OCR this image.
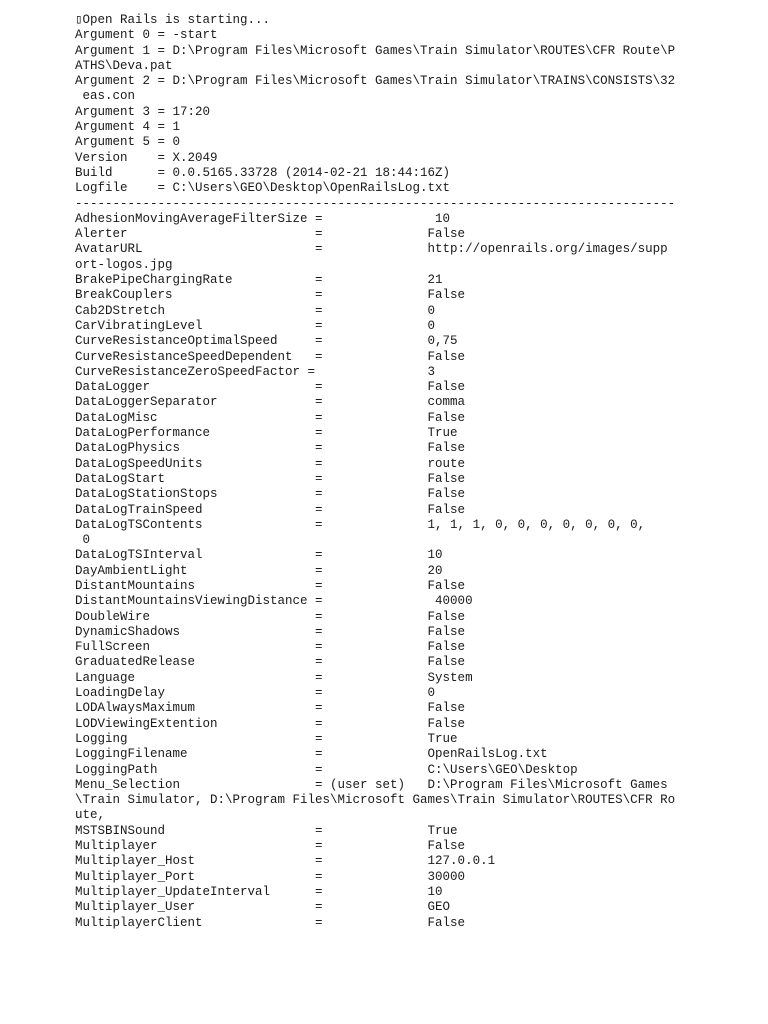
▯Open Rails is starting...
Argument 0 = -start
Argument 1 = D:\Program Files\Microsoft Games\Train Simulator\ROUTES\CFR Route\P
ATHS\Deva.pat
Argument 2 = D:\Program Files\Microsoft Games\Train Simulator\TRAINS\CONSISTS\32
eas.con
Argument 3 = 17:20
Argument 4 = 1
Argument 5 = 0
Version    = X.2049
Build      = 0.0.5165.33728 (2014-02-21 18:44:16Z)
Logfile    = C:\Users\GEO\Desktop\OpenRailsLog.txt
--------------------------------------------------------------------------------
AdhesionMovingAverageFilterSize =               10
Alerter                         =              False
AvatarURL                       =              http://openrails.org/images/supp
ort-logos.jpg
BrakePipeChargingRate           =              21
BreakCouplers                   =              False
Cab2DStretch                    =              0
CarVibratingLevel               =              0
CurveResistanceOptimalSpeed     =              0,75
CurveResistanceSpeedDependent   =              False
CurveResistanceZeroSpeedFactor =               3
DataLogger                      =              False
DataLoggerSeparator             =              comma
DataLogMisc                     =              False
DataLogPerformance              =              True
DataLogPhysics                  =              False
DataLogSpeedUnits               =              route
DataLogStart                    =              False
DataLogStationStops             =              False
DataLogTrainSpeed               =              False
DataLogTSContents               =              1, 1, 1, 0, 0, 0, 0, 0, 0, 0,
0
DataLogTSInterval               =              10
DayAmbientLight                 =              20
DistantMountains                =              False
DistantMountainsViewingDistance =               40000
DoubleWire                      =              False
DynamicShadows                  =              False
FullScreen                      =              False
GraduatedRelease                =              False
Language                        =              System
LoadingDelay                    =              0
LODAlwaysMaximum                =              False
LODViewingExtention             =              False
Logging                         =              True
LoggingFilename                 =              OpenRailsLog.txt
LoggingPath                     =              C:\Users\GEO\Desktop
Menu_Selection                  = (user set)   D:\Program Files\Microsoft Games
\Train Simulator, D:\Program Files\Microsoft Games\Train Simulator\ROUTES\CFR Ro
ute,
MSTSBINSound                    =              True
Multiplayer                     =              False
Multiplayer_Host                =              127.0.0.1
Multiplayer_Port                =              30000
Multiplayer_UpdateInterval      =              10
Multiplayer_User                =              GEO
MultiplayerClient               =              False
